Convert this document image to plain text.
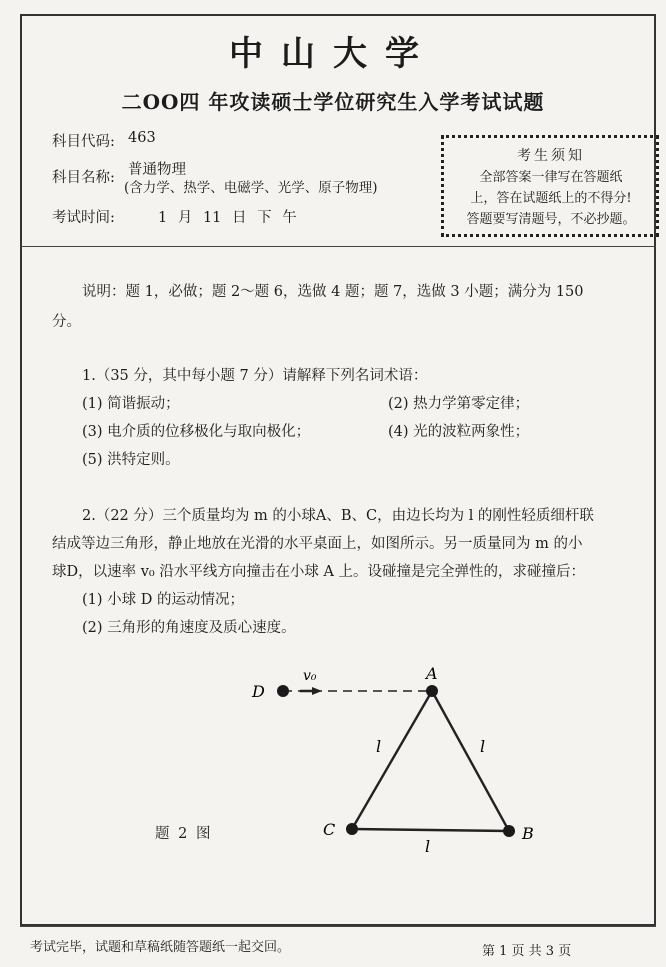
中山大学
二OO四 年攻读硕士学位研究生入学考试试题
科目代码: 463
科目名称: 普通物理
(含力学、热学、电磁学、光学、原子物理)
考试时间:	1 月 11 日 下 午
考生须知
全部答案一律写在答题纸
上，答在试题纸上的不得分!
答题要写清题号，不必抄题。
说明：题 1，必做；题 2～题 6，选做 4 题；题 7，选做 3 小题；满分为 150
分。
1.（35 分，其中每小题 7 分）请解释下列名词术语：
(1) 简谐振动；	(2) 热力学第零定律；
(3) 电介质的位移极化与取向极化；	(4) 光的波粒两象性；
(5) 洪特定则。
2.（22 分）三个质量均为 m 的小球A、B、C，由边长均为 l 的刚性轻质细杆联
结成等边三角形，静止地放在光滑的水平桌面上，如图所示。另一质量同为 m 的小
球D，以速率 v₀ 沿水平线方向撞击在小球 A 上。设碰撞是完全弹性的，求碰撞后：
(1) 小球 D 的运动情况；
(2) 三角形的角速度及质心速度。
D
v₀	A
B
C
l	l
l
题 2 图
考试完毕，试题和草稿纸随答题纸一起交回。	第 1 页 共 3 页
